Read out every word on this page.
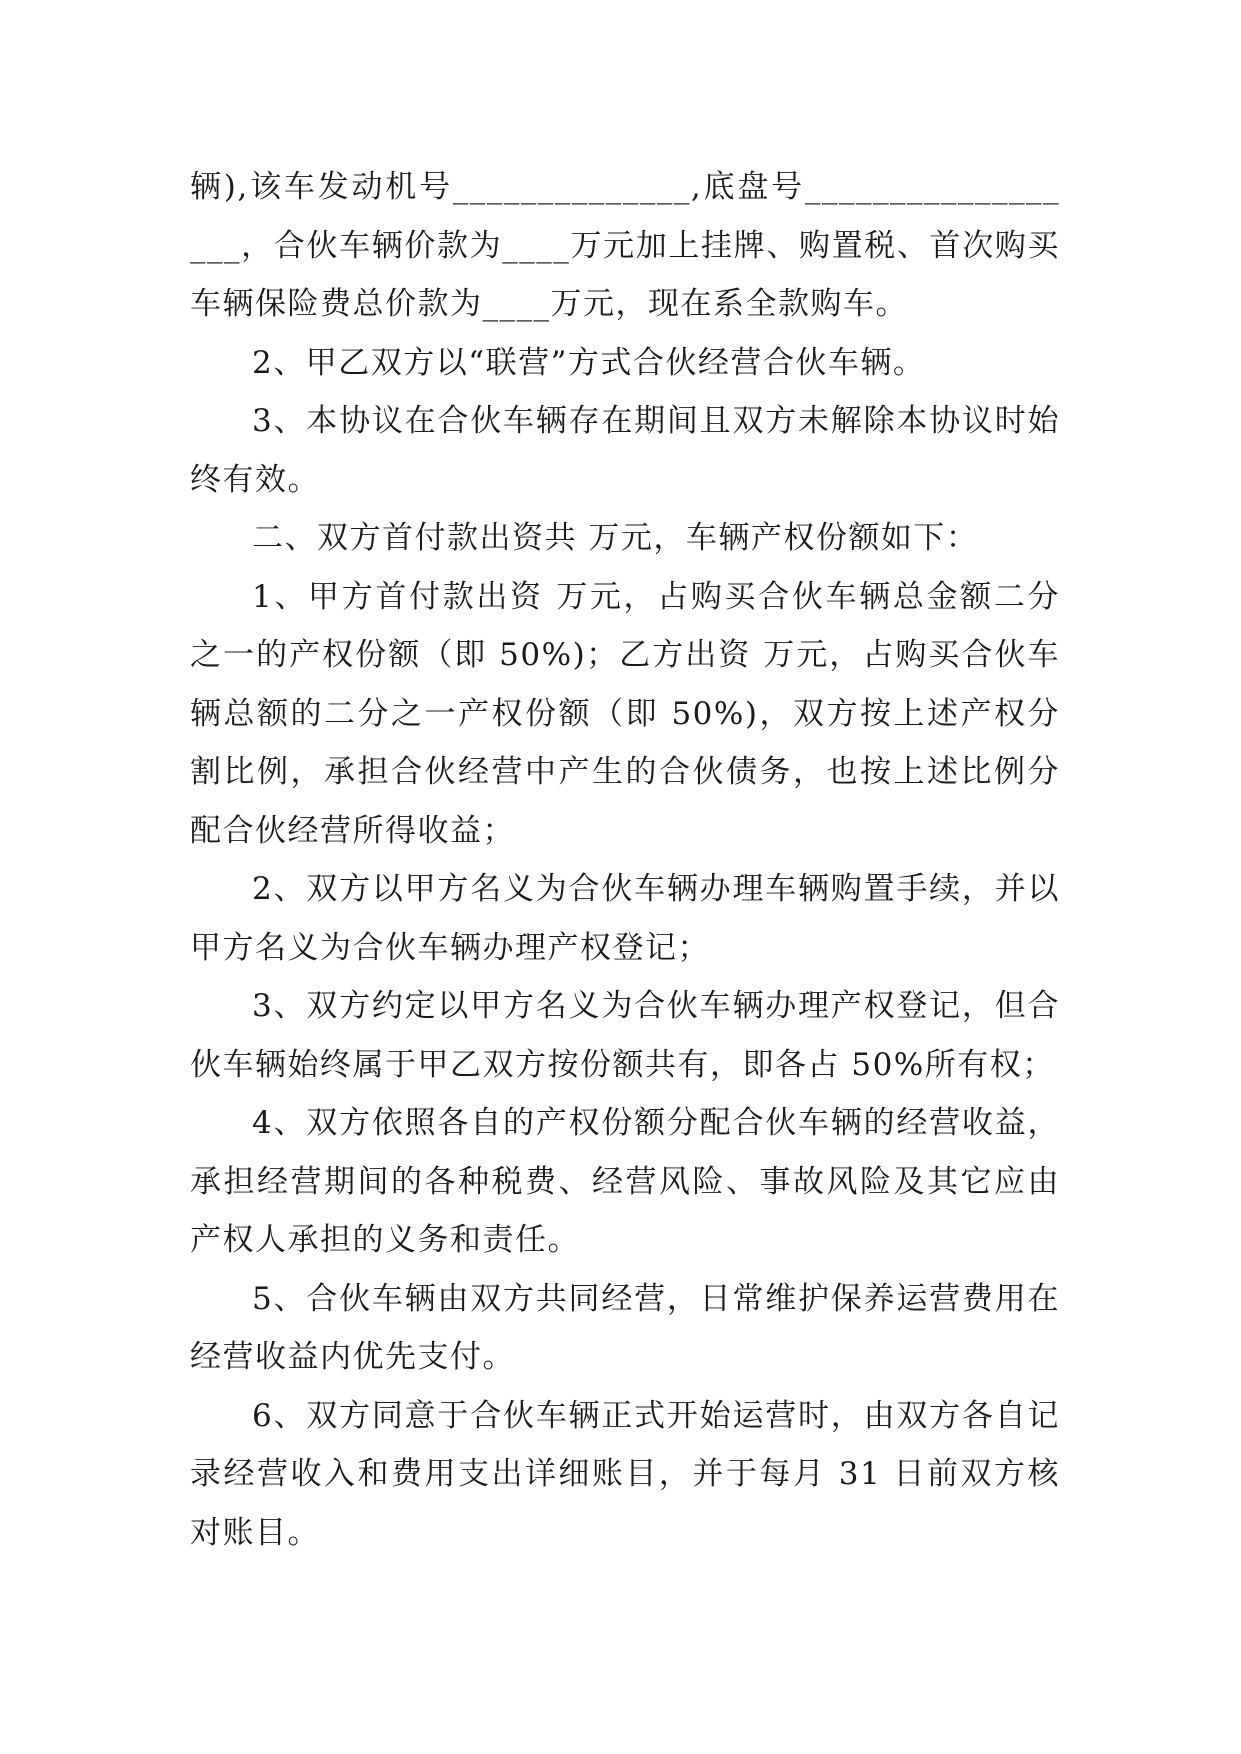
辆),该车发动机号______________,底盘号__________________，合伙车辆价款为____万元加上挂牌、购置税、首次购买车辆保险费总价款为____万元，现在系全款购车。

2、甲乙双方以“联营”方式合伙经营合伙车辆。

3、本协议在合伙车辆存在期间且双方未解除本协议时始终有效。

二、双方首付款出资共 万元，车辆产权份额如下：

1、甲方首付款出资 万元，占购买合伙车辆总金额二分之一的产权份额（即 50%)；乙方出资 万元，占购买合伙车辆总额的二分之一产权份额（即 50%)，双方按上述产权分割比例，承担合伙经营中产生的合伙债务，也按上述比例分配合伙经营所得收益；

2、双方以甲方名义为合伙车辆办理车辆购置手续，并以甲方名义为合伙车辆办理产权登记；

3、双方约定以甲方名义为合伙车辆办理产权登记，但合伙车辆始终属于甲乙双方按份额共有，即各占 50%所有权；

4、双方依照各自的产权份额分配合伙车辆的经营收益，承担经营期间的各种税费、经营风险、事故风险及其它应由产权人承担的义务和责任。

5、合伙车辆由双方共同经营，日常维护保养运营费用在经营收益内优先支付。

6、双方同意于合伙车辆正式开始运营时，由双方各自记录经营收入和费用支出详细账目，并于每月 31 日前双方核对账目。
